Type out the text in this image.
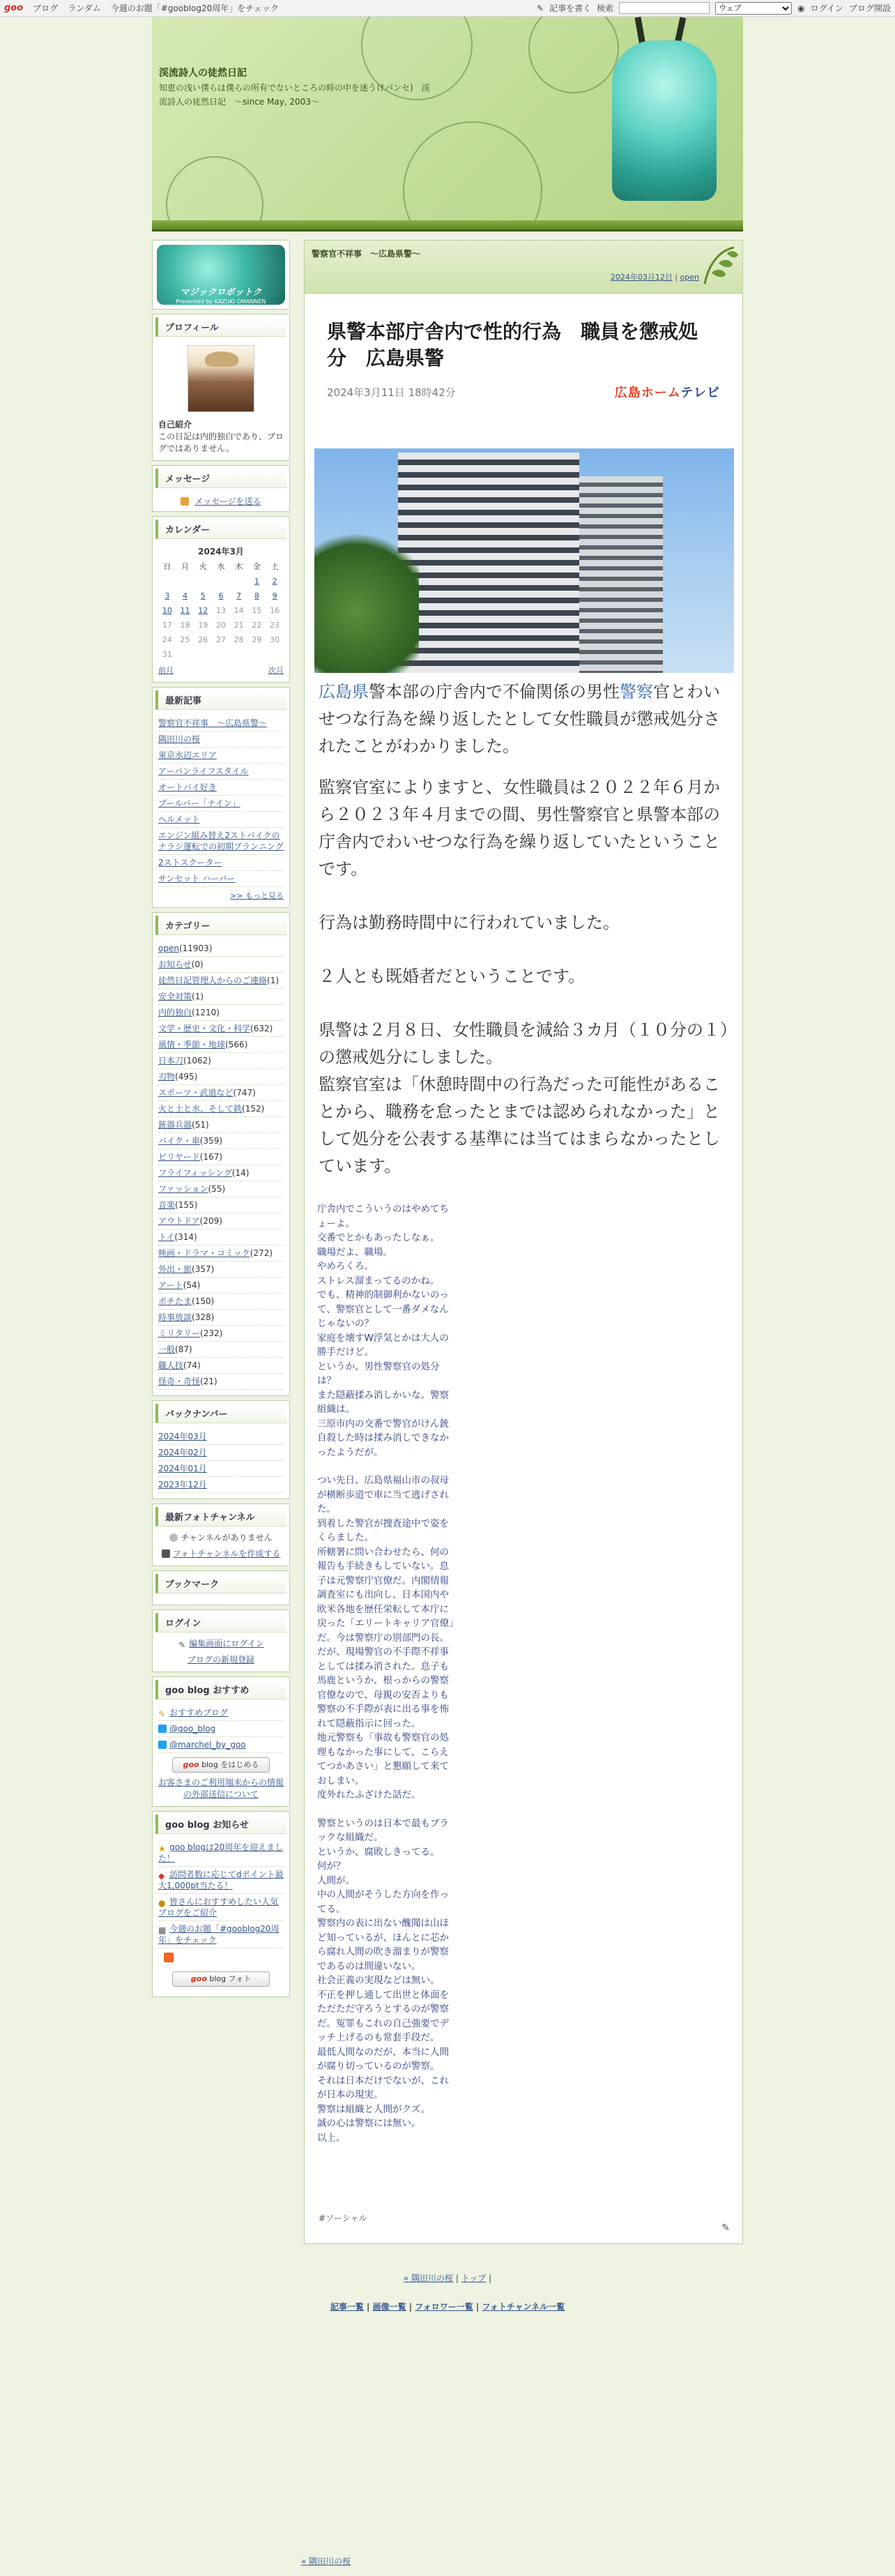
goo ブログ ランダム 今週のお題「#gooblog20周年」をチェック	✎ 記事を書く 検索
ウェブ	◉ ログイン ブログ開設
渓流詩人の徒然日記
知恵の浅い僕らは僕らの所有でないところの時の中を迷うけパンセ)　渓流詩人の徒然日記　〜since May, 2003〜
マジックロボットク
Presented by KAZUKI OMANNEN
プロフィール
自己紹介
この日記は内的独白であり、ブログではありません。
メッセージ
メッセージを送る
カレンダー
2024年3月
日	月	火	水	木	金	土
					1	2
3	4	5	6	7	8	9
10	11	12	13	14	15	16
17	18	19	20	21	22	23
24	25	26	27	28	29	30
31						
前月	次月
最新記事
警察官不祥事　〜広島県警〜
隅田川の桜
東京水辺エリア
アーバンライフスタイル
オートバイ好き
ブールバー「ナイン」
ヘルメット
エンジン組み替え2ストバイクのナラシ運転での初期ブランニング
2ストスクーター
サンセット ハーバー
>> もっと見る
カテゴリー
open(11903)
お知らせ(0)
徒然日記管理人からのご連絡(1)
安全対策(1)
内的独白(1210)
文学・歴史・文化・科学(632)
風情・季節・地球(566)
日本刀(1062)
刃物(495)
スポーツ・武道など(747)
火と土と水、そして鉄(152)
銃器兵器(51)
バイク・車(359)
ビリヤード(167)
フライフィッシング(14)
ファッション(55)
音楽(155)
アウトドア(209)
トイ(314)
映画・ドラマ・コミック(272)
外出・旅(357)
アート(54)
ポチたま(150)
時事放談(328)
ミリタリー(232)
一般(87)
職人技(74)
怪奇・奇怪(21)
バックナンバー
2024年03月
2024年02月
2024年01月
2023年12月
最新フォトチャンネル
チャンネルがありません
フォトチャンネルを作成する
ブックマーク
ログイン
✎ 編集画面にログイン
ブログの新規登録
goo blog おすすめ
✎ おすすめブログ
@goo_blog
@marchel_by_goo
goo blog をはじめる
お客さまのご利用端末からの情報の外部送信について
goo blog お知らせ
★ goo blogは20周年を迎えました！
◆ 訪問者数に応じてdポイント最大1,000pt当たる！
● 皆さんにおすすめしたい人気ブログをご紹介
▦ 今週のお題「#gooblog20周年」をチェック
goo blog フォト
警察官不祥事　〜広島県警〜
2024年03月12日 | open
県警本部庁舎内で性的行為　職員を懲戒処分　広島県警
2024年3月11日 18時42分	広島ホームテレビ

広島県警本部の庁舎内で不倫関係の男性警察官とわいせつな行為を繰り返したとして女性職員が懲戒処分されたことがわかりました。

監察官室によりますと、女性職員は２０２２年６月から２０２３年４月までの間、男性警察官と県警本部の庁舎内でわいせつな行為を繰り返していたということです。

行為は勤務時間中に行われていました。

２人とも既婚者だということです。

県警は２月８日、女性職員を減給３カ月（１０分の１）の懲戒処分にしました。

監察官室は「休憩時間中の行為だった可能性があることから、職務を怠ったとまでは認められなかった」として処分を公表する基準には当てはまらなかったとしています。

庁舎内でこういうのはやめてちょーよ。
交番でとかもあったしなぁ。
職場だよ、職場。
やめろくろ。
ストレス溜まってるのかね。
でも、精神的制御利かないのって、警察官として一番ダメなんじゃないの？
家庭を壊すW浮気とかは大人の勝手だけど。
というか、男性警察官の処分は？
また隠蔽揉み消しかいな。警察組織は。
三原市内の交番で警官がけん銃自殺した時は揉み消しできなかったようだが。
つい先日、広島県福山市の叔母が横断歩道で車に当て逃げされた。
到着した警官が捜査途中で姿をくらました。
所轄署に問い合わせたら、何の報告も手続きもしていない。息子は元警察庁官僚だ。内閣情報調査室にも出向し、日本国内や欧米各地を歴任栄転して本庁に戻った「エリートキャリア官僚」だ。今は警察庁の別部門の長。
だが、現場警官の不手際不祥事としては揉み消された。息子も馬鹿というか、根っからの警察官僚なので、母親の安否よりも警察の不手際が表に出る事を怖れて隠蔽指示に回った。
地元警察も「事故も警察官の処理もなかった事にして、こらえてつかあさい」と懇願して来ておしまい。
度外れたふざけた話だ。
警察というのは日本で最もブラックな組織だ。
というか、腐敗しきってる。
何が？
人間が。
中の人間がそうした方向を作ってる。
警察内の表に出ない醜聞は山ほど知っているが、ほんとに芯から腐れ人間の吹き溜まりが警察であるのは間違いない。
社会正義の実現などは無い。
不正を押し通して出世と体面をただただ守ろうとするのが警察だ。冤罪もこれの自己強要でデッチ上げるのも常套手段だ。
最低人間なのだが、本当に人間が腐り切っているのが警察。
それは日本だけでないが、これが日本の現実。
警察は組織と人間がクズ。
誠の心は警察には無い。
以上。
#ソーシャル
✎

« 隅田川の桜 | トップ |

記事一覧 | 画像一覧 | フォロワー一覧 | フォトチャンネル一覧

« 隅田川の桜
